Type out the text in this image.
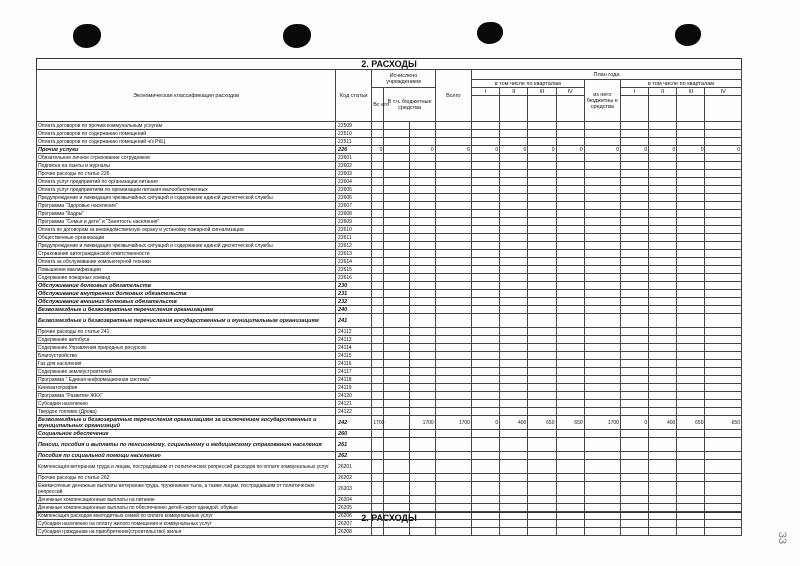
2. РАСХОДЫ
Экономическая классификация расходов	Код статьи	Исчислено учреждением			Всего	План года								
						в том числе по кварталам				из него бюджетны е средства	в том числе по кварталам			
		Вс его	В т.ч. бюджетные средства			I	II	III	IV		I	II	III	IV

Оплата договоров по прочим коммунальным услугам	22509													
Оплата договоров по содержанию помещений	22510													
Оплата договоров по содержанию помещений ч/з РКЦ	22511													
Прочие услуги	226	0		0	0	0	0	0	0	0	0	0	0	0
Обязательное личное страхование сотрудников	22601													
Подписка на газеты и журналы	22602													
Прочие расходы по статье 226	22603													
Оплата услуг предприятий по организации питания	22604													
Оплата услуг предприятиям по организации питания малообеспеченных	22605													
Предупреждение и ликвидация чрезвычайных ситуаций и содержание единой диспетческой службы	22606													
Программа "Здоровье населения"	22607													
Программа "Кадры"	22608													
Программа "Семья и дети" и "Занятость населения"	22609													
Оплата по договорам за вневедомственную охрану и установку пожарной сигнализации	22610													
Общественные организации	22611													
Предупреждение и ликвидация чрезвычайных ситуаций и содержание единой диспетческой службы	22612													
Страхование автогражданской ответственности	22613													
Оплата за обслуживание компьютерной техники	22614													
Повышение квалификации	22615													
Содержание пожарных команд	22616													
Обслуживание долговых обязательств	230													
Обслуживание внутренних долговых обязательств	231													
Обслуживание внешних долговых обязательств	232													
Безвозмездные и безвозвратные перечисления организациям	240													
Безвозмездные и безвозвратные перечисления государственным и муниципальным организациям	241													
Прочие расходы по статье 241	24112													
Содержание автобуса	24113													
Содержание Управления природных ресурсов	24114													
Благоустройство	24115													
Газ для населения	24116													
Содержание землеустроителей	24117													
Программа " Единая информационная система"	24118													
Кинематография	24119													
Программа "Развитие ЖКХ"	24120													
Субсидии населению	24121													
Твердое топливо (Дрова)	24122													
Безвозмездные и безвозвратные перечисления организациям за исключением государственных и муниципальных организаций	242	1700		1700	1700	0	400	650	650	1700	0	400	650	650
Социальное обеспечение	260													
Пенсии, пособия и выплаты по пенсионному, социальному и медицинскому страхованию населения	261													
Пособия по социальной помощи населению	262													
Компенсация ветеранам труда и лицам, пострадавшим от политических репрессий расходов по оплате коммунальных услуг	26201													
Прочие расходы по статье 262	26202													
Ежемесячные денежные выплаты ветеранам труда, труженикам тыла, а также лицам, пострадавшим от политических репрессий	26203													
Денежные компенсационные выплаты на питание	26204													
Денежные компенсационные выплаты по обеспечению детей-сирот одеждой, обувью	26205													
Компенсация расходов многодетных семей по оплате коммунальных услуг	26206													
Субсидии населению на оплату жилого помещения и коммунальных услуг	26207													
Субсидии гражданам на приобретение(строительство) жилья	26208													
2. РАСХОДЫ
33
